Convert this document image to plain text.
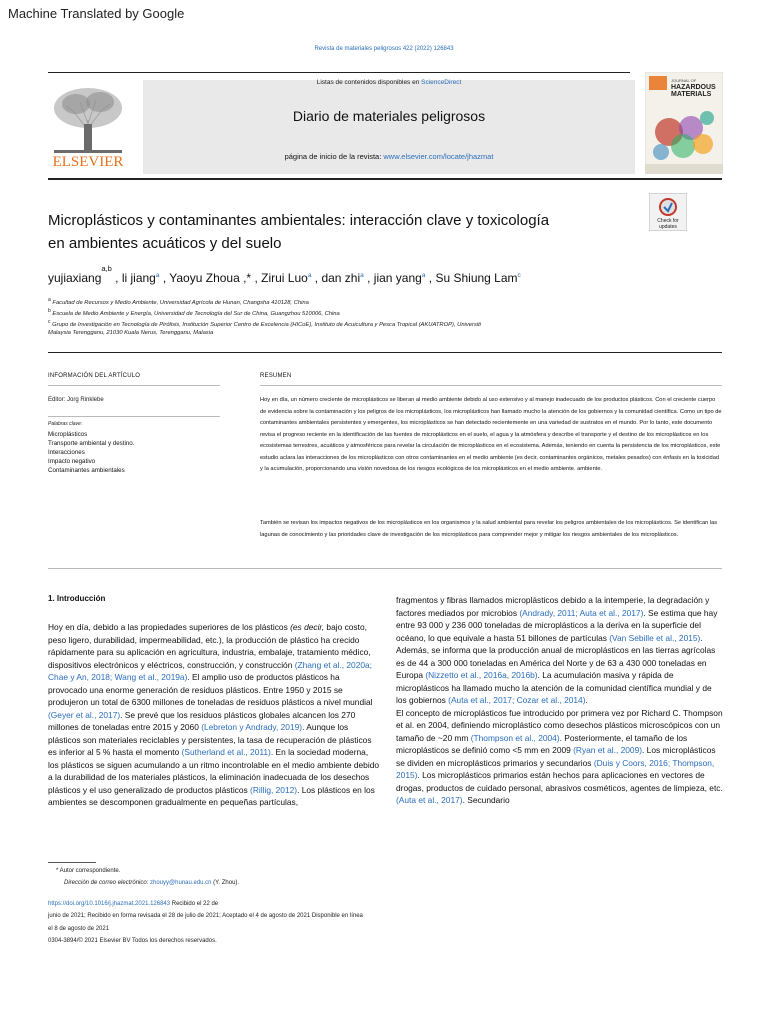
Machine Translated by Google
Revista de materiales peligrosos 422 (2022) 126843
ELSEVIER
Listas de contenidos disponibles en ScienceDirect
Diario de materiales peligrosos
página de inicio de la revista: www.elsevier.com/locate/jhazmat
JOURNAL OF
HAZARDOUS
MATERIALS
Check for
updates
Microplásticos y contaminantes ambientales: interacción clave y toxicología
en ambientes acuáticos y del suelo
yujiaxiang$^{a,b}$ , li jiang$^a$ , Yaoyu Zhoua ,* , Zirui Luo$^a$ , dan zhi$^a$ , jian yang$^a$ , Su Shiung Lam$^c$
$^a$ Facultad de Recursos y Medio Ambiente, Universidad Agrícola de Hunan, Changsha 410128, China
$^b$ Escuela de Medio Ambiente y Energía, Universidad de Tecnología del Sur de China, Guangzhou 510006, China
$^c$ Grupo de Investigación en Tecnología de Pirólisis, Institución Superior Centro de Excelencia (HICoE), Instituto de Acuicultura y Pesca Tropical (AKUATROP), Universiti
Malaysia Terengganu, 21030 Kuala Nerus, Terengganu, Malasia
INFORMACIÓN DEL ARTÍCULO
Editor: Jorg Rinklebe
Palabras clave:
Microplásticos
Transporte ambiental y destino.
Interacciones
Impacto negativo
Contaminantes ambientales
RESUMEN
Hoy en día, un número creciente de microplásticos se liberan al medio ambiente debido al uso extensivo y al manejo inadecuado de los productos plásticos. Con el creciente cuerpo de evidencia sobre la contaminación y los peligros de los microplásticos, los microplásticos han llamado mucho la atención de los gobiernos y la comunidad científica. Como un tipo de contaminantes ambientales persistentes y emergentes, los microplásticos se han detectado recientemente en una variedad de sustratos en el mundo. Por lo tanto, este documento revisa el progreso reciente en la identificación de las fuentes de microplásticos en el suelo, el agua y la atmósfera y describe el transporte y el destino de los microplásticos en los ecosistemas terrestres, acuáticos y atmosféricos para revelar la circulación de microplásticos en el ecosistema. Además, teniendo en cuenta la persistencia de los microplásticos, este estudio aclara las interacciones de los microplásticos con otros contaminantes en el medio ambiente (es decir, contaminantes orgánicos, metales pesados) con énfasis en la toxicidad y la acumulación, proporcionando una visión novedosa de los riesgos ecológicos de los microplásticos en el medio ambiente. ambiente.
También se revisan los impactos negativos de los microplásticos en los organismos y la salud ambiental para revelar los peligros ambientales de los microplásticos. Se identifican las lagunas de conocimiento y las prioridades clave de investigación de los microplásticos para comprender mejor y mitigar los riesgos ambientales de los microplásticos.
1. Introducción
Hoy en día, debido a las propiedades superiores de los plásticos (es decir, bajo costo, peso ligero, durabilidad, impermeabilidad, etc.), la producción de plástico ha crecido rápidamente para su aplicación en agricultura, industria, embalaje, tratamiento médico, dispositivos electrónicos y eléctricos, construcción, y construcción (Zhang et al., 2020a; Chae y An, 2018; Wang et al., 2019a). El amplio uso de productos plásticos ha provocado una enorme generación de residuos plásticos. Entre 1950 y 2015 se produjeron un total de 6300 millones de toneladas de residuos plásticos a nivel mundial (Geyer et al., 2017). Se prevé que los residuos plásticos globales alcancen los 270 millones de toneladas entre 2015 y 2060 (Lebreton y Andrady, 2019). Aunque los plásticos son materiales reciclables y persistentes, la tasa de recuperación de plásticos es inferior al 5 % hasta el momento (Sutherland et al., 2011). En la sociedad moderna, los plásticos se siguen acumulando a un ritmo incontrolable en el medio ambiente debido a la durabilidad de los materiales plásticos, la eliminación inadecuada de los desechos plásticos y el uso generalizado de productos plásticos (Rillig, 2012). Los plásticos en los ambientes se descomponen gradualmente en pequeñas partículas,
fragmentos y fibras llamados microplásticos debido a la intemperie, la degradación y factores mediados por microbios (Andrady, 2011; Auta et al., 2017). Se estima que hay entre 93 000 y 236 000 toneladas de microplásticos a la deriva en la superficie del océano, lo que equivale a hasta 51 billones de partículas (Van Sebille et al., 2015). Además, se informa que la producción anual de microplásticos en las tierras agrícolas es de 44 a 300 000 toneladas en América del Norte y de 63 a 430 000 toneladas en Europa (Nizzetto et al., 2016a, 2016b). La acumulación masiva y rápida de microplásticos ha llamado mucho la atención de la comunidad científica mundial y de los gobiernos (Auta et al., 2017; Cozar et al., 2014).
El concepto de microplásticos fue introducido por primera vez por Richard C. Thompson et al. en 2004, definiendo microplástico como desechos plásticos microscópicos con un tamaño de ~20 mm (Thompson et al., 2004). Posteriormente, el tamaño de los microplásticos se definió como <5 mm en 2009 (Ryan et al., 2009). Los microplásticos se dividen en microplásticos primarios y secundarios (Duis y Coors, 2016; Thompson, 2015). Los microplásticos primarios están hechos para aplicaciones en vectores de drogas, productos de cuidado personal, abrasivos cosméticos, agentes de limpieza, etc. (Auta et al., 2017). Secundario
* Autor correspondiente.
Dirección de correo electrónico: zhouyy@hunau.edu.cn (Y. Zhou).
https://doi.org/10.1016/j.jhazmat.2021.126843 Recibido el 22 de
junio de 2021; Recibido en forma revisada el 28 de julio de 2021; Aceptado el 4 de agosto de 2021 Disponible en línea
el 8 de agosto de 2021
0304-3894/© 2021 Elsevier BV Todos los derechos reservados.
